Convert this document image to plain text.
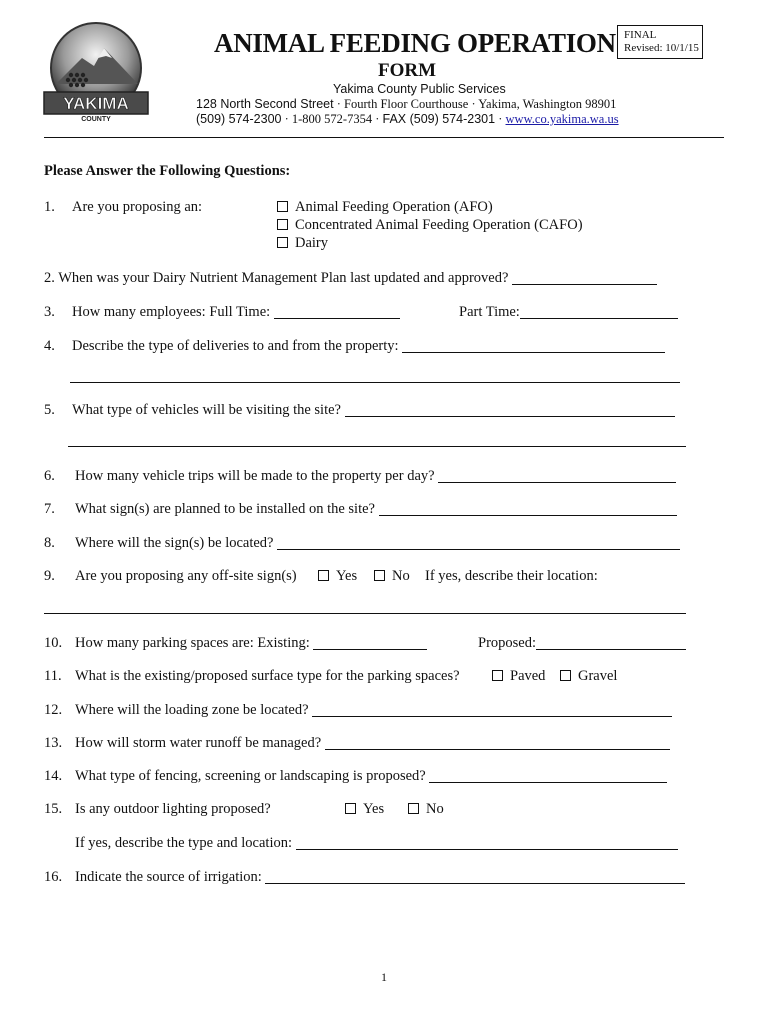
YAKIMA
COUNTY
ANIMAL FEEDING OPERATION
FORM
FINAL
Revised: 10/1/15
Yakima County Public Services
128 North Second Street · Fourth Floor Courthouse · Yakima, Washington 98901
(509) 574-2300 · 1-800 572-7354 · FAX (509) 574-2301 · www.co.yakima.wa.us
Please Answer the Following Questions:
1. Are you proposing an:	Animal Feeding Operation (AFO)
Concentrated Animal Feeding Operation (CAFO)
Dairy
2. When was your Dairy Nutrient Management Plan last updated and approved?
3. How many employees: Full Time:	Part Time:
4. Describe the type of deliveries to and from the property:
5. What type of vehicles will be visiting the site?
6. How many vehicle trips will be made to the property per day?
7. What sign(s) are planned to be installed on the site?
8. Where will the sign(s) be located?
9. Are you proposing any off-site sign(s)	Yes	No If yes, describe their location:
10. How many parking spaces are: Existing:	Proposed:
11. What is the existing/proposed surface type for the parking spaces?	Paved	Gravel
12. Where will the loading zone be located?
13. How will storm water runoff be managed?
14. What type of fencing, screening or landscaping is proposed?
15. Is any outdoor lighting proposed?	Yes	No
If yes, describe the type and location:
16. Indicate the source of irrigation:
1
